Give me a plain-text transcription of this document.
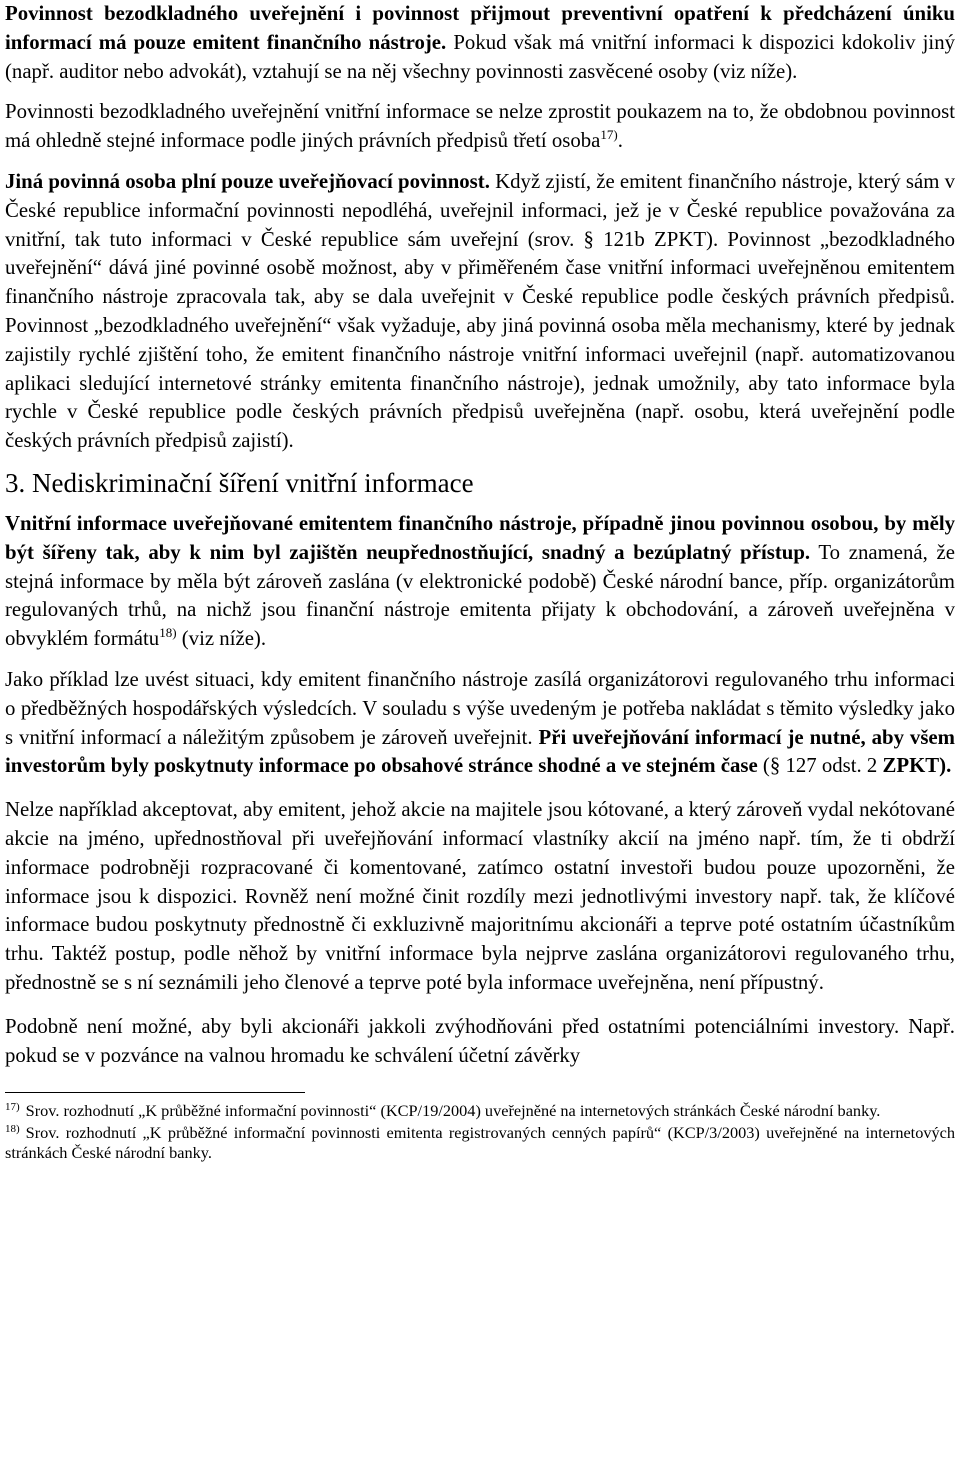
Povinnost bezodkladného uveřejnění i povinnost přijmout preventivní opatření k předcházení úniku informací má pouze emitent finančního nástroje. Pokud však má vnitřní informaci k dispozici kdokoliv jiný (např. auditor nebo advokát), vztahují se na něj všechny povinnosti zasvěcené osoby (viz níže).

Povinnosti bezodkladného uveřejnění vnitřní informace se nelze zprostit poukazem na to, že obdobnou povinnost má ohledně stejné informace podle jiných právních předpisů třetí osoba$^{17)}$.

Jiná povinná osoba plní pouze uveřejňovací povinnost. Když zjistí, že emitent finančního nástroje, který sám v České republice informační povinnosti nepodléhá, uveřejnil informaci, jež je v České republice považována za vnitřní, tak tuto informaci v České republice sám uveřejní (srov. § 121b ZPKT). Povinnost „bezodkladného uveřejnění“ dává jiné povinné osobě možnost, aby v přiměřeném čase vnitřní informaci uveřejněnou emitentem finančního nástroje zpracovala tak, aby se dala uveřejnit v České republice podle českých právních předpisů. Povinnost „bezodkladného uveřejnění“ však vyžaduje, aby jiná povinná osoba měla mechanismy, které by jednak zajistily rychlé zjištění toho, že emitent finančního nástroje vnitřní informaci uveřejnil (např. automatizovanou aplikaci sledující internetové stránky emitenta finančního nástroje), jednak umožnily, aby tato informace byla rychle v České republice podle českých právních předpisů uveřejněna (např. osobu, která uveřejnění podle českých právních předpisů zajistí).

3. Nediskriminační šíření vnitřní informace

Vnitřní informace uveřejňované emitentem finančního nástroje, případně jinou povinnou osobou, by měly být šířeny tak, aby k nim byl zajištěn neupřednostňující, snadný a bezúplatný přístup. To znamená, že stejná informace by měla být zároveň zaslána (v elektronické podobě) České národní bance, příp. organizátorům regulovaných trhů, na nichž jsou finanční nástroje emitenta přijaty k obchodování, a zároveň uveřejněna v obvyklém formátu$^{18)}$ (viz níže).

Jako příklad lze uvést situaci, kdy emitent finančního nástroje zasílá organizátorovi regulovaného trhu informaci o předběžných hospodářských výsledcích. V souladu s výše uvedeným je potřeba nakládat s těmito výsledky jako s vnitřní informací a náležitým způsobem je zároveň uveřejnit. Při uveřejňování informací je nutné, aby všem investorům byly poskytnuty informace po obsahové stránce shodné a ve stejném čase (§ 127 odst. 2 ZPKT).

Nelze například akceptovat, aby emitent, jehož akcie na majitele jsou kótované, a který zároveň vydal nekótované akcie na jméno, upřednostňoval při uveřejňování informací vlastníky akcií na jméno např. tím, že ti obdrží informace podrobněji rozpracované či komentované, zatímco ostatní investoři budou pouze upozorněni, že informace jsou k dispozici. Rovněž není možné činit rozdíly mezi jednotlivými investory např. tak, že klíčové informace budou poskytnuty přednostně či exkluzivně majoritnímu akcionáři a teprve poté ostatním účastníkům trhu. Taktéž postup, podle něhož by vnitřní informace byla nejprve zaslána organizátorovi regulovaného trhu, přednostně se s ní seznámili jeho členové a teprve poté byla informace uveřejněna, není přípustný.

Podobně není možné, aby byli akcionáři jakkoli zvýhodňováni před ostatními potenciálními investory. Např. pokud se v pozvánce na valnou hromadu ke schválení účetní závěrky

$^{17)}$ Srov. rozhodnutí „K průběžné informační povinnosti“ (KCP/19/2004) uveřejněné na internetových stránkách České národní banky.
$^{18)}$ Srov. rozhodnutí „K průběžné informační povinnosti emitenta registrovaných cenných papírů“ (KCP/3/2003) uveřejněné na internetových stránkách České národní banky.
